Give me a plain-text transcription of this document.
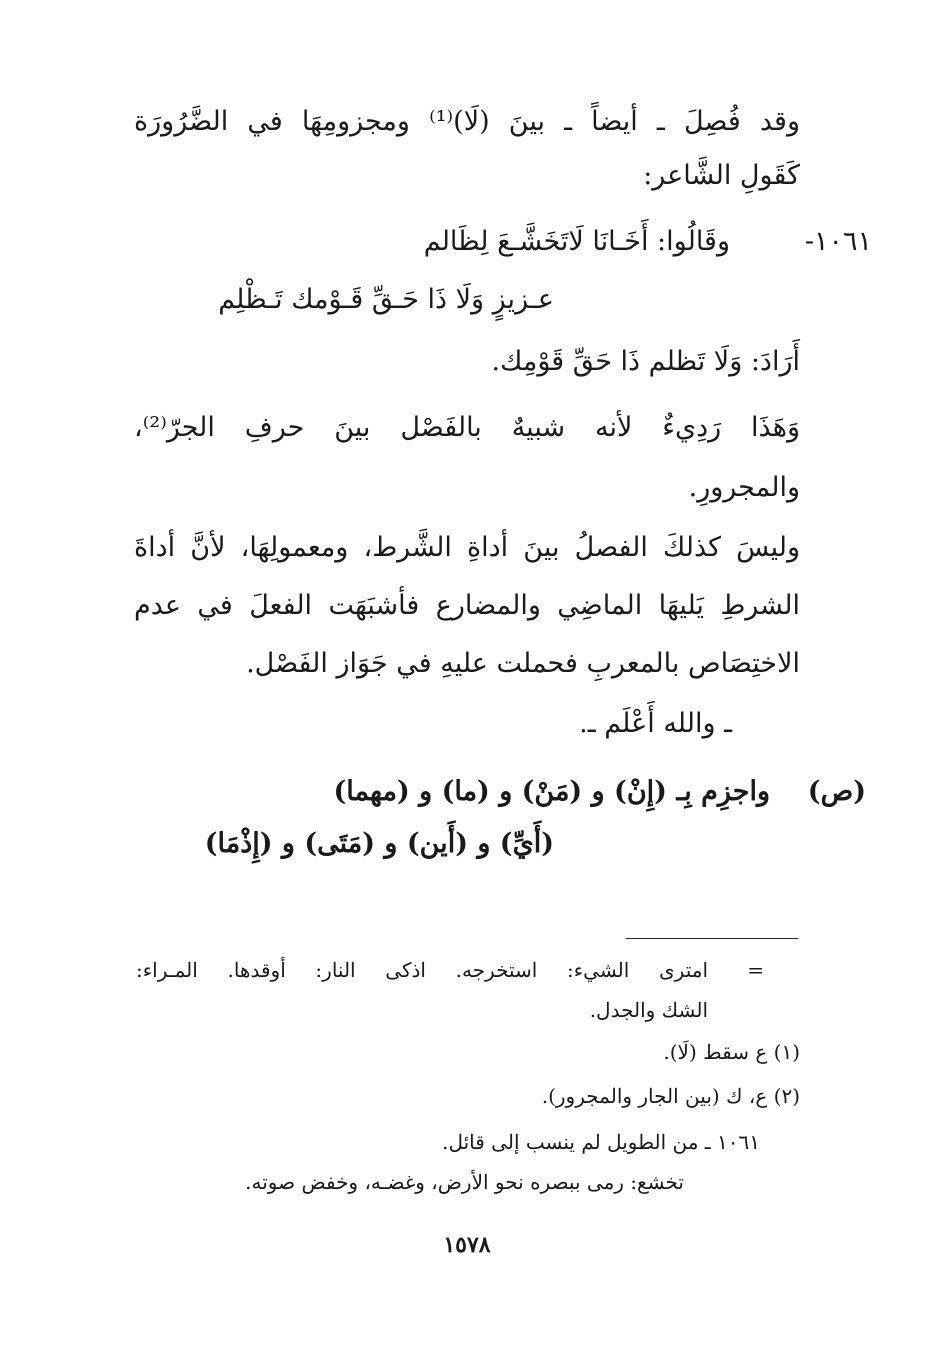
وقد فُصِلَ ـ أيضاً ـ بينَ (لَا)⁽¹⁾ ومجزومِهَا في الضَّرُورَة
كَقَولِ الشَّاعر:
١٠٦١-
وقَالُوا: أَخَـانَا لَاتَخَشَّـعَ لِظَالم
عـزيزٍ وَلَا ذَا حَـقِّ قَـوْمك تَـظْلِم
أَرَادَ: وَلَا تَظلم ذَا حَقِّ قَوْمِك.
وَهَذَا رَدِيءٌ لأنه شبيهٌ بالفَصْل بينَ حرفِ الجرّ⁽²⁾،
والمجرورِ.
وليسَ كذلكَ الفصلُ بينَ أداةِ الشَّرط، ومعمولِهَا، لأنَّ أداةَ
الشرطِ يَليهَا الماضِي والمضارع فأشبَهَت الفعلَ في عدم
الاختِصَاص بالمعربِ فحملت عليهِ في جَوَاز الفَصْل.
ـ والله أَعْلَم ـ.
(ص)
واجزِم بِـ (إِنْ) و (مَنْ) و (ما) و (مهما)
(أَيِّ) و (أَين) و (مَتَى) و (إِذْمَا)
=
امترى الشيء: استخرجه. اذكى النار: أوقدها. المـراء:
الشك والجدل.
(١) ع سقط (لَا).
(٢) ع، ك (بين الجار والمجرور).
١٠٦١ ـ من الطويل لم ينسب إلى قائل.
تخشع: رمى ببصره نحو الأرض، وغضـه، وخفض صوته.
١٥٧٨
